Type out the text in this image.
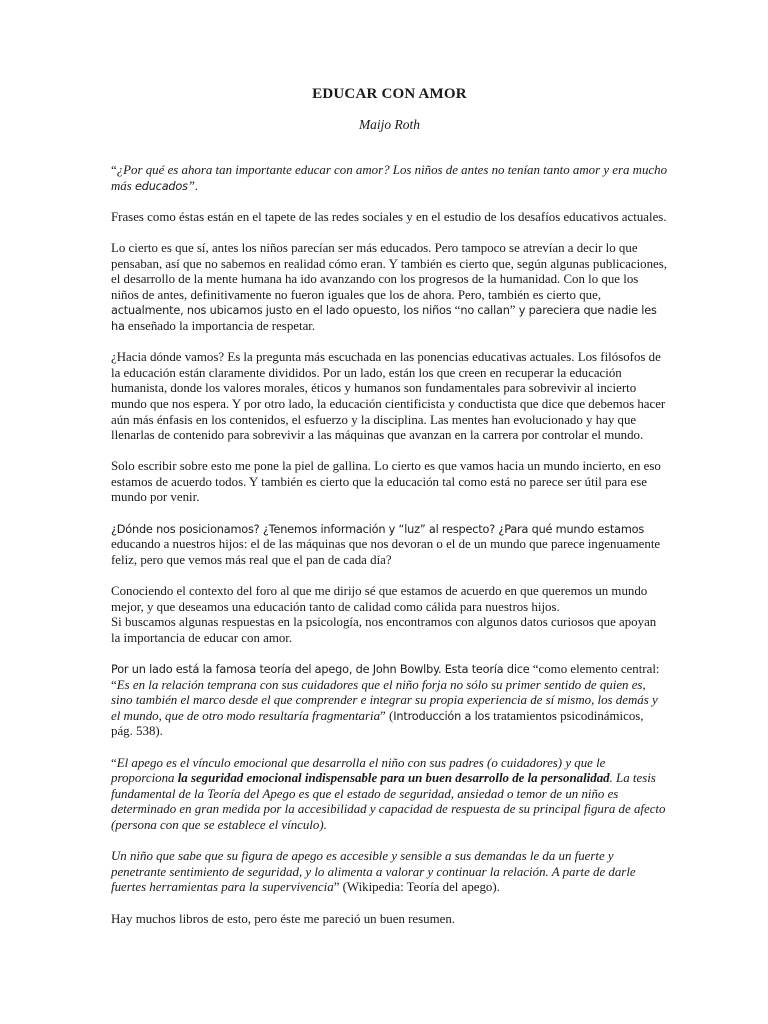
EDUCAR CON AMOR
Maijo Roth

“¿Por qué es ahora tan importante educar con amor? Los niños de antes no tenían tanto amor y era mucho más educados”.

Frases como éstas están en el tapete de las redes sociales y en el estudio de los desafíos educativos actuales.

Lo cierto es que sí, antes los niños parecían ser más educados. Pero tampoco se atrevían a decir lo que pensaban, así que no sabemos en realidad cómo eran. Y también es cierto que, según algunas publicaciones, el desarrollo de la mente humana ha ido avanzando con los progresos de la humanidad. Con lo que los niños de antes, definitivamente no fueron iguales que los de ahora. Pero, también es cierto que, actualmente, nos ubicamos justo en el lado opuesto, los niños “no callan” y pareciera que nadie les ha enseñado la importancia de respetar.

¿Hacia dónde vamos? Es la pregunta más escuchada en las ponencias educativas actuales. Los filósofos de la educación están claramente divididos. Por un lado, están los que creen en recuperar la educación humanista, donde los valores morales, éticos y humanos son fundamentales para sobrevivir al incierto mundo que nos espera. Y por otro lado, la educación cientificista y conductista que dice que debemos hacer aún más énfasis en los contenidos, el esfuerzo y la disciplina. Las mentes han evolucionado y hay que llenarlas de contenido para sobrevivir a las máquinas que avanzan en la carrera por controlar el mundo.

Solo escribir sobre esto me pone la piel de gallina. Lo cierto es que vamos hacia un mundo incierto, en eso estamos de acuerdo todos. Y también es cierto que la educación tal como está no parece ser útil para ese mundo por venir.

¿Dónde nos posicionamos? ¿Tenemos información y “luz” al respecto? ¿Para qué mundo estamos educando a nuestros hijos: el de las máquinas que nos devoran o el de un mundo que parece ingenuamente feliz, pero que vemos más real que el pan de cada día?

Conociendo el contexto del foro al que me dirijo sé que estamos de acuerdo en que queremos un mundo mejor, y que deseamos una educación tanto de calidad como cálida para nuestros hijos.
Si buscamos algunas respuestas en la psicología, nos encontramos con algunos datos curiosos que apoyan la importancia de educar con amor.

Por un lado está la famosa teoría del apego, de John Bowlby. Esta teoría dice “como elemento central: “Es en la relación temprana con sus cuidadores que el niño forja no sólo su primer sentido de quien es, sino también el marco desde el que comprender e integrar su propia experiencia de sí mismo, los demás y el mundo, que de otro modo resultaría fragmentaria” (Introducción a los tratamientos psicodinámicos, pág. 538).

“El apego es el vínculo emocional que desarrolla el niño con sus padres (o cuidadores) y que le proporciona la seguridad emocional indispensable para un buen desarrollo de la personalidad. La tesis fundamental de la Teoría del Apego es que el estado de seguridad, ansiedad o temor de un niño es determinado en gran medida por la accesibilidad y capacidad de respuesta de su principal figura de afecto (persona con que se establece el vínculo).

Un niño que sabe que su figura de apego es accesible y sensible a sus demandas le da un fuerte y penetrante sentimiento de seguridad, y lo alimenta a valorar y continuar la relación. A parte de darle fuertes herramientas para la supervivencia” (Wikipedia: Teoría del apego).

Hay muchos libros de esto, pero éste me pareció un buen resumen.
